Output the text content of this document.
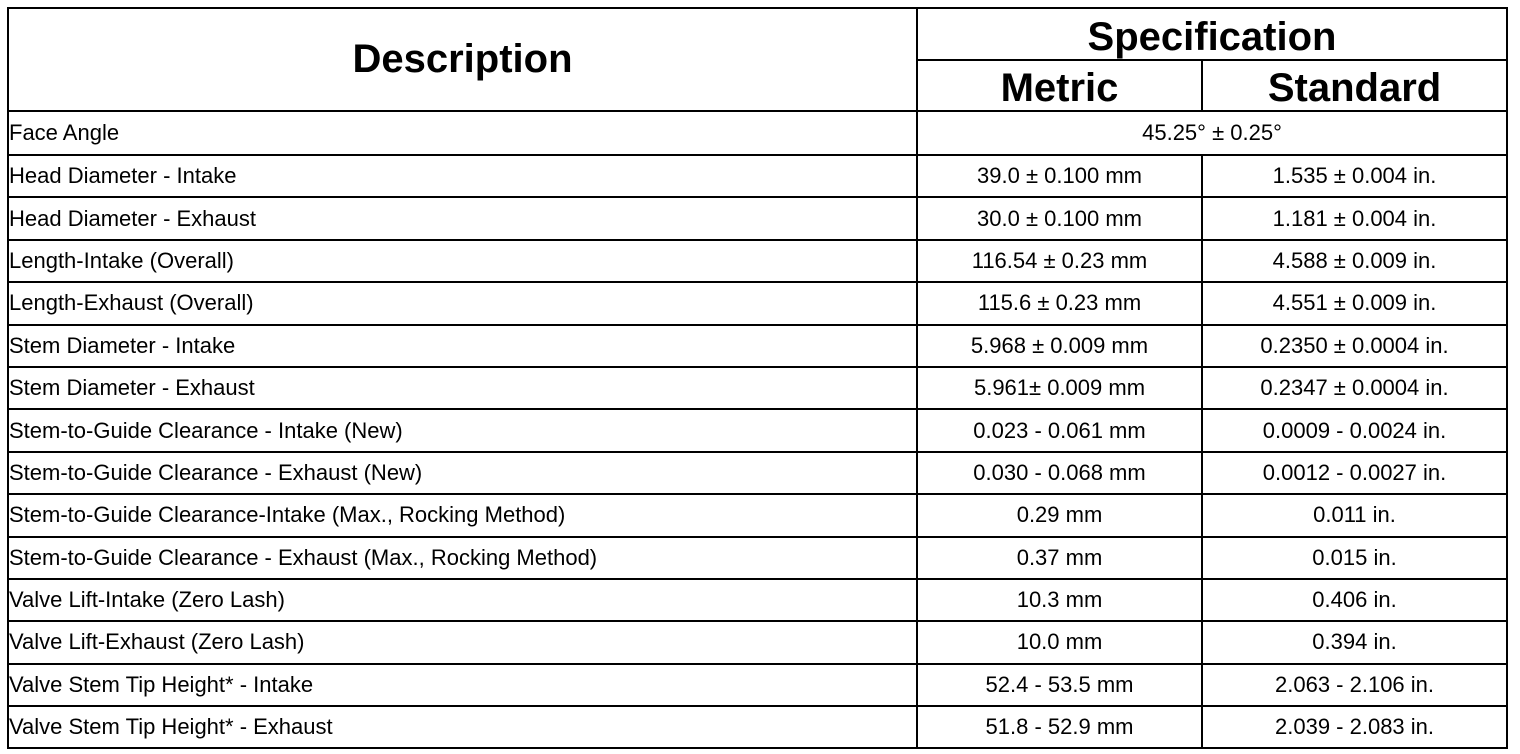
Description	Specification	
	Metric	Standard
Face Angle	45.25° ± 0.25°	
Head Diameter - Intake	39.0 ± 0.100 mm	1.535 ± 0.004 in.
Head Diameter - Exhaust	30.0 ± 0.100 mm	1.181 ± 0.004 in.
Length-Intake (Overall)	116.54 ± 0.23 mm	4.588 ± 0.009 in.
Length-Exhaust (Overall)	115.6 ± 0.23 mm	4.551 ± 0.009 in.
Stem Diameter - Intake	5.968 ± 0.009 mm	0.2350 ± 0.0004 in.
Stem Diameter - Exhaust	5.961± 0.009 mm	0.2347 ± 0.0004 in.
Stem-to-Guide Clearance - Intake (New)	0.023 - 0.061 mm	0.0009 - 0.0024 in.
Stem-to-Guide Clearance - Exhaust (New)	0.030 - 0.068 mm	0.0012 - 0.0027 in.
Stem-to-Guide Clearance-Intake (Max., Rocking Method)	0.29 mm	0.011 in.
Stem-to-Guide Clearance - Exhaust (Max., Rocking Method)	0.37 mm	0.015 in.
Valve Lift-Intake (Zero Lash)	10.3 mm	0.406 in.
Valve Lift-Exhaust (Zero Lash)	10.0 mm	0.394 in.
Valve Stem Tip Height* - Intake	52.4 - 53.5 mm	2.063 - 2.106 in.
Valve Stem Tip Height* - Exhaust	51.8 - 52.9 mm	2.039 - 2.083 in.
